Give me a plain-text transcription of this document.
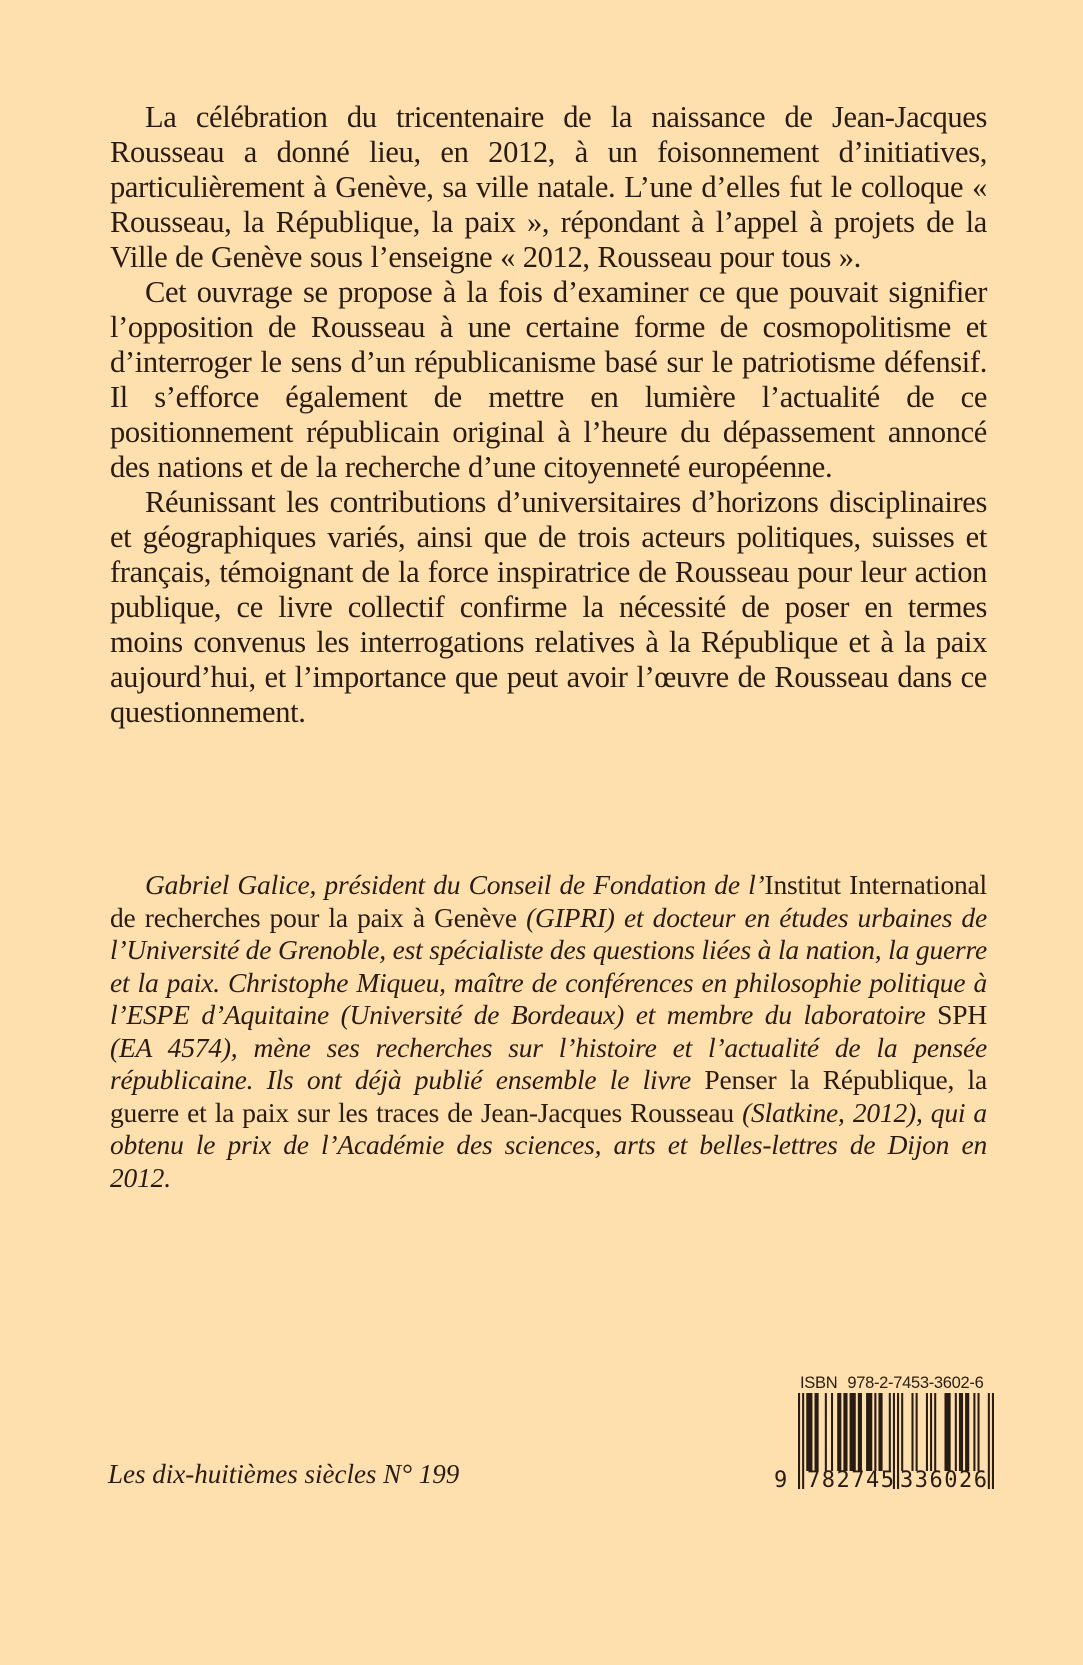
La célébration du tricentenaire de la naissance de Jean-Jacques Rousseau a donné lieu, en 2012, à un foisonnement d’initiatives, particulièrement à Genève, sa ville natale. L’une d’elles fut le colloque « Rousseau, la République, la paix », répondant à l’appel à projets de la Ville de Genève sous l’enseigne « 2012, Rousseau pour tous ».

Cet ouvrage se propose à la fois d’examiner ce que pouvait signifier l’opposition de Rousseau à une certaine forme de cosmopolitisme et d’interroger le sens d’un républicanisme basé sur le patriotisme défensif. Il s’efforce également de mettre en lumière l’actualité de ce positionnement républicain original à l’heure du dépassement annoncé des nations et de la recherche d’une citoyenneté européenne.

Réunissant les contributions d’universitaires d’horizons disciplinaires et géographiques variés, ainsi que de trois acteurs politiques, suisses et français, témoignant de la force inspiratrice de Rousseau pour leur action publique, ce livre collectif confirme la nécessité de poser en termes moins convenus les interrogations relatives à la République et à la paix aujourd’hui, et l’importance que peut avoir l’œuvre de Rousseau dans ce questionnement.

Gabriel Galice, président du Conseil de Fondation de l’Institut International de recherches pour la paix à Genève (GIPRI) et docteur en études urbaines de l’Université de Grenoble, est spécialiste des questions liées à la nation, la guerre et la paix. Christophe Miqueu, maître de conférences en philosophie politique à l’ESPE d’Aquitaine (Université de Bordeaux) et membre du laboratoire SPH (EA 4574), mène ses recherches sur l’histoire et l’actualité de la pensée républicaine. Ils ont déjà publié ensemble le livre Penser la République, la guerre et la paix sur les traces de Jean-Jacques Rousseau (Slatkine, 2012), qui a obtenu le prix de l’Académie des sciences, arts et belles-lettres de Dijon en 2012.

Les dix-huitièmes siècles N° 199
ISBN 978-2-7453-3602-6
9 782745 336026
